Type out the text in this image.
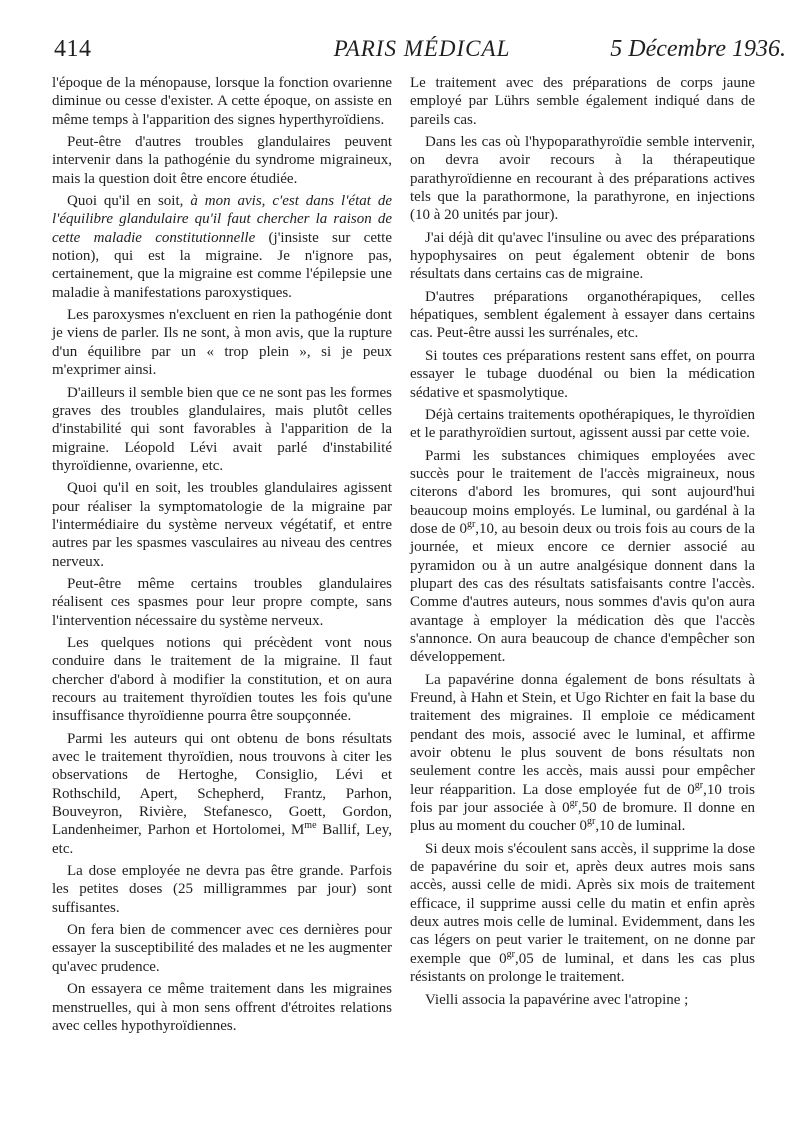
414	PARIS MÉDICAL	5 Décembre 1936.

l'époque de la ménopause, lorsque la fonction ovarienne diminue ou cesse d'exister. A cette époque, on assiste en même temps à l'apparition des signes hyperthyroïdiens.

Peut-être d'autres troubles glandulaires peuvent intervenir dans la pathogénie du syndrome migraineux, mais la question doit être encore étudiée.

Quoi qu'il en soit, à mon avis, c'est dans l'état de l'équilibre glandulaire qu'il faut chercher la raison de cette maladie constitutionnelle (j'insiste sur cette notion), qui est la migraine. Je n'ignore pas, certainement, que la migraine est comme l'épilepsie une maladie à manifestations paroxystiques.

Les paroxysmes n'excluent en rien la pathogénie dont je viens de parler. Ils ne sont, à mon avis, que la rupture d'un équilibre par un « trop plein », si je peux m'exprimer ainsi.

D'ailleurs il semble bien que ce ne sont pas les formes graves des troubles glandulaires, mais plutôt celles d'instabilité qui sont favorables à l'apparition de la migraine. Léopold Lévi avait parlé d'instabilité thyroïdienne, ovarienne, etc.

Quoi qu'il en soit, les troubles glandulaires agissent pour réaliser la symptomatologie de la migraine par l'intermédiaire du système nerveux végétatif, et entre autres par les spasmes vasculaires au niveau des centres nerveux.

Peut-être même certains troubles glandulaires réalisent ces spasmes pour leur propre compte, sans l'intervention nécessaire du système nerveux.

Les quelques notions qui précèdent vont nous conduire dans le traitement de la migraine. Il faut chercher d'abord à modifier la constitution, et on aura recours au traitement thyroïdien toutes les fois qu'une insuffisance thyroïdienne pourra être soupçonnée.

Parmi les auteurs qui ont obtenu de bons résultats avec le traitement thyroïdien, nous trouvons à citer les observations de Hertoghe, Consiglio, Lévi et Rothschild, Apert, Schepherd, Frantz, Parhon, Bouveyron, Rivière, Stefanesco, Goett, Gordon, Landenheimer, Parhon et Hortolomei, $M^{me}$ Ballif, Ley, etc.

La dose employée ne devra pas être grande. Parfois les petites doses (25 milligrammes par jour) sont suffisantes.

On fera bien de commencer avec ces dernières pour essayer la susceptibilité des malades et ne les augmenter qu'avec prudence.

On essayera ce même traitement dans les migraines menstruelles, qui à mon sens offrent d'étroites relations avec celles hypothyroïdiennes.

Le traitement avec des préparations de corps jaune employé par Lührs semble également indiqué dans de pareils cas.

Dans les cas où l'hypoparathyroïdie semble intervenir, on devra avoir recours à la thérapeutique parathyroïdienne en recourant à des préparations actives tels que la parathormone, la parathyrone, en injections (10 à 20 unités par jour).

J'ai déjà dit qu'avec l'insuline ou avec des préparations hypophysaires on peut également obtenir de bons résultats dans certains cas de migraine.

D'autres préparations organothérapiques, celles hépatiques, semblent également à essayer dans certains cas. Peut-être aussi les surrénales, etc.

Si toutes ces préparations restent sans effet, on pourra essayer le tubage duodénal ou bien la médication sédative et spasmolytique.

Déjà certains traitements opothérapiques, le thyroïdien et le parathyroïdien surtout, agissent aussi par cette voie.

Parmi les substances chimiques employées avec succès pour le traitement de l'accès migraineux, nous citerons d'abord les bromures, qui sont aujourd'hui beaucoup moins employés. Le luminal, ou gardénal à la dose de $0^{gr},10$, au besoin deux ou trois fois au cours de la journée, et mieux encore ce dernier associé au pyramidon ou à un autre analgésique donnent dans la plupart des cas des résultats satisfaisants contre l'accès. Comme d'autres auteurs, nous sommes d'avis qu'on aura avantage à employer la médication dès que l'accès s'annonce. On aura beaucoup de chance d'empêcher son développement.

La papavérine donna également de bons résultats à Freund, à Hahn et Stein, et Ugo Richter en fait la base du traitement des migraines. Il emploie ce médicament pendant des mois, associé avec le luminal, et affirme avoir obtenu le plus souvent de bons résultats non seulement contre les accès, mais aussi pour empêcher leur réapparition. La dose employée fut de $0^{gr},10$ trois fois par jour associée à $0^{gr},50$ de bromure. Il donne en plus au moment du coucher $0^{gr},10$ de luminal.

Si deux mois s'écoulent sans accès, il supprime la dose de papavérine du soir et, après deux autres mois sans accès, aussi celle de midi. Après six mois de traitement efficace, il supprime aussi celle du matin et enfin après deux autres mois celle de luminal. Evidemment, dans les cas légers on peut varier le traitement, on ne donne par exemple que $0^{gr},05$ de luminal, et dans les cas plus résistants on prolonge le traitement.

Vielli associa la papavérine avec l'atropine ;
